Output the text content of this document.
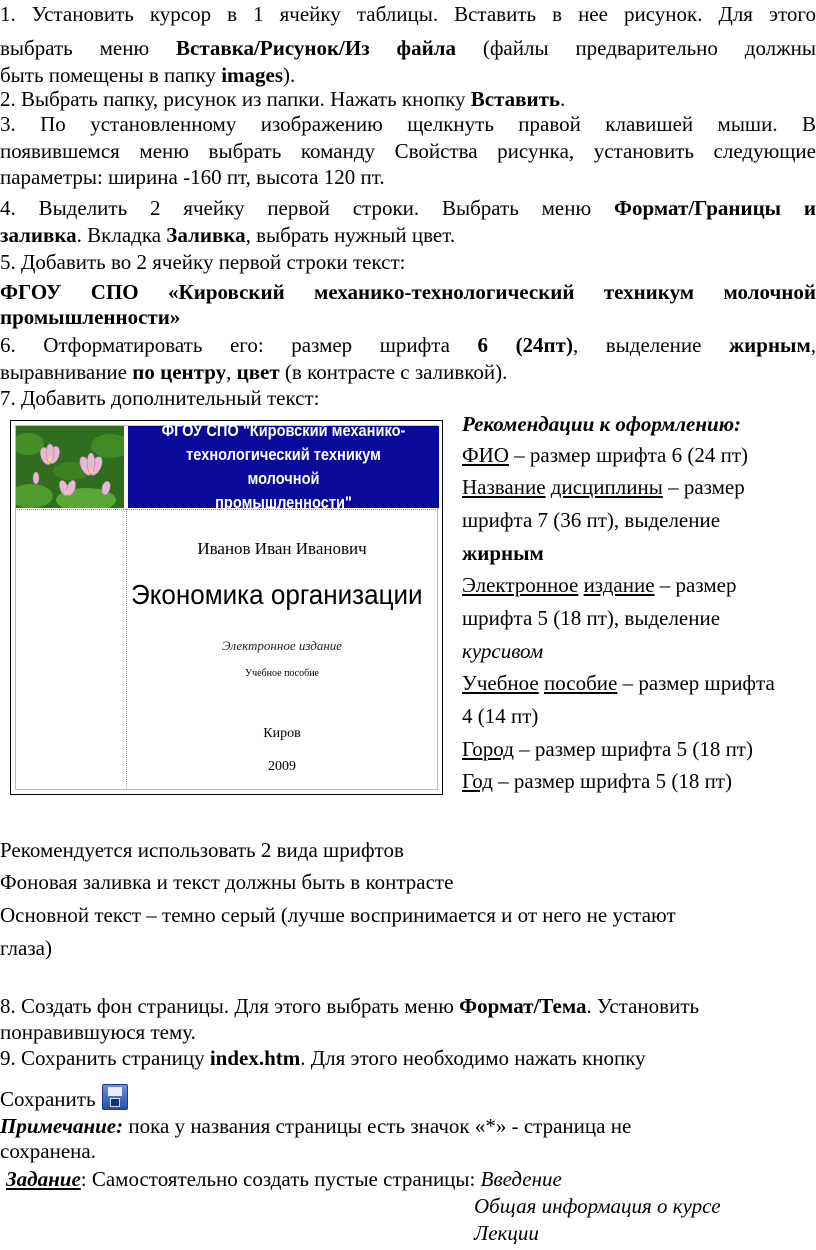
1. Установить курсор в 1 ячейку таблицы. Вставить в нее рисунок. Для этого
выбрать меню Вставка/Рисунок/Из файла (файлы предварительно должны
быть помещены в папку images).
2. Выбрать папку, рисунок из папки. Нажать кнопку Вставить.
3. По установленному изображению щелкнуть правой клавишей мыши. В
появившемся меню выбрать команду Свойства рисунка, установить следующие
параметры: ширина -160 пт, высота 120 пт.
4. Выделить 2 ячейку первой строки. Выбрать меню Формат/Границы и
заливка. Вкладка Заливка, выбрать нужный цвет.
5. Добавить во 2 ячейку первой строки текст:
ФГОУ СПО «Кировский механико-технологический техникум молочной
промышленности»
6. Отформатировать его: размер шрифта 6 (24пт), выделение жирным,
выравнивание по центру, цвет (в контрасте с заливкой).
7. Добавить дополнительный текст:
ФГОУ СПО "Кировский механико-
технологический техникум молочной
промышленности"
Иванов Иван Иванович
Экономика организации
Электронное издание
Учебное пособие
Киров
2009
Рекомендации к оформлению:
ФИО – размер шрифта 6 (24 пт)
Название дисциплины – размер
шрифта 7 (36 пт), выделение
жирным
Электронное издание – размер
шрифта 5 (18 пт), выделение
курсивом
Учебное пособие – размер шрифта
4 (14 пт)
Город – размер шрифта 5 (18 пт)
Год – размер шрифта 5 (18 пт)
Рекомендуется использовать 2 вида шрифтов
Фоновая заливка и текст должны быть в контрасте
Основной текст – темно серый (лучше воспринимается и от него не устают
глаза)
8. Создать фон страницы. Для этого выбрать меню Формат/Тема. Установить
понравившуюся тему.
9. Сохранить страницу index.htm. Для этого необходимо нажать кнопку
Сохранить
Примечание: пока у названия страницы есть значок «*» - страница не
сохранена.
Задание: Самостоятельно создать пустые страницы: Введение
Общая информация о курсе
Лекции
